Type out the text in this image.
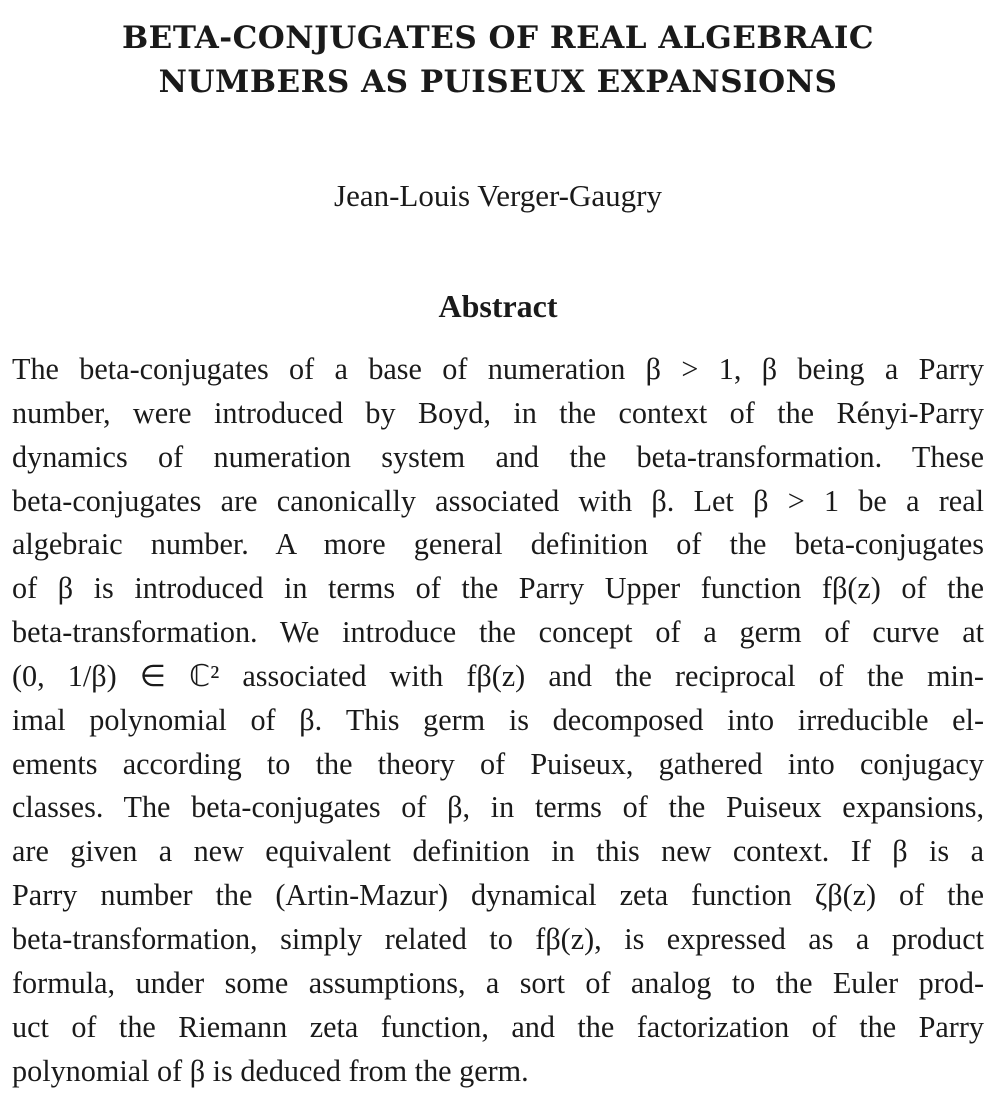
BETA-CONJUGATES OF REAL ALGEBRAIC
NUMBERS AS PUISEUX EXPANSIONS

Jean-Louis Verger-Gaugry

Abstract
The beta-conjugates of a base of numeration β > 1, β being a Parry
number, were introduced by Boyd, in the context of the Rényi-Parry
dynamics of numeration system and the beta-transformation. These
beta-conjugates are canonically associated with β. Let β > 1 be a real
algebraic number. A more general definition of the beta-conjugates
of β is introduced in terms of the Parry Upper function fβ(z) of the
beta-transformation. We introduce the concept of a germ of curve at
(0, 1/β) ∈ ℂ² associated with fβ(z) and the reciprocal of the min-
imal polynomial of β. This germ is decomposed into irreducible el-
ements according to the theory of Puiseux, gathered into conjugacy
classes. The beta-conjugates of β, in terms of the Puiseux expansions,
are given a new equivalent definition in this new context. If β is a
Parry number the (Artin-Mazur) dynamical zeta function ζβ(z) of the
beta-transformation, simply related to fβ(z), is expressed as a product
formula, under some assumptions, a sort of analog to the Euler prod-
uct of the Riemann zeta function, and the factorization of the Parry
polynomial of β is deduced from the germ.
